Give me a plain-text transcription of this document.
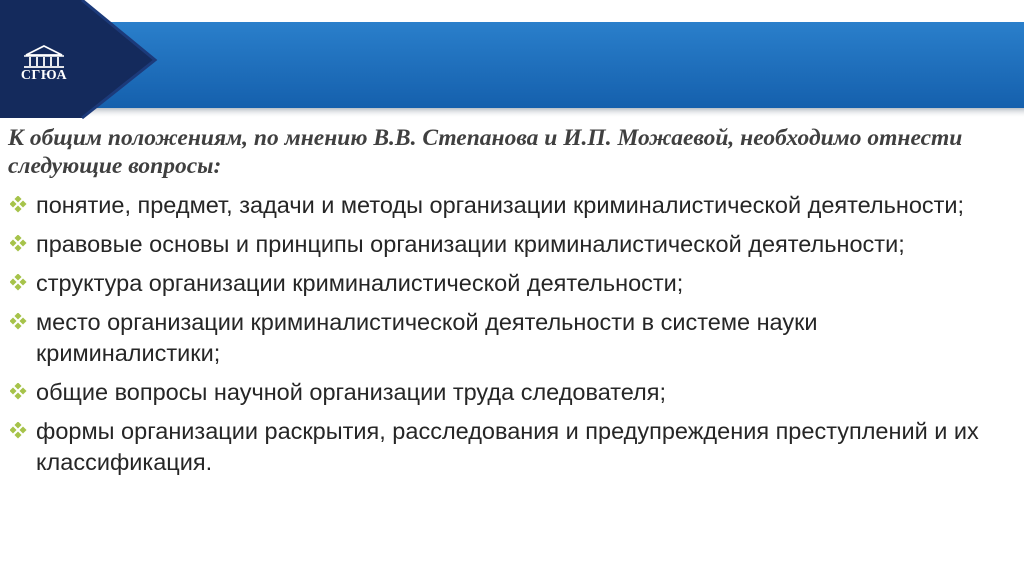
СГЮА
К общим положениям, по мнению В.В. Степанова и И.П. Можаевой, необходимо отнести следующие вопросы:
понятие, предмет, задачи и методы организации криминалистической деятельности;
правовые основы и принципы организации криминалистической деятельности;
структура организации криминалистической деятельности;
место организации криминалистической деятельности в системе науки криминалистики;
общие вопросы научной организации труда следователя;
формы организации раскрытия, расследования и предупреждения преступлений и их классификация.
